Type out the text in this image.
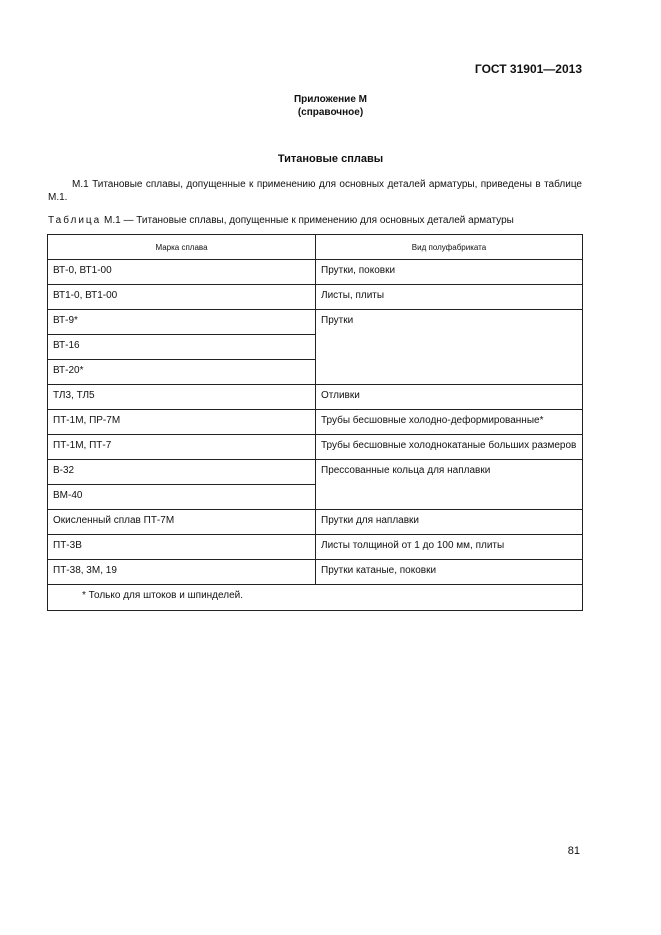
ГОСТ 31901—2013
Приложение М
(справочное)
Титановые сплавы
М.1 Титановые сплавы, допущенные к применению для основных деталей арматуры, приведены в таблице М.1.
Таблица М.1 — Титановые сплавы, допущенные к применению для основных деталей арматуры
Марка сплава	Вид полуфабриката
ВТ-0, ВТ1-00	Прутки, поковки
ВТ1-0, ВТ1-00	Листы, плиты
ВТ-9*	Прутки
ВТ-16	
ВТ-20*	
ТЛ3, ТЛ5	Отливки
ПТ-1М, ПР-7М	Трубы бесшовные холодно-деформированные*
ПТ-1М, ПТ-7	Трубы бесшовные холоднокатаные больших размеров
В-32	Прессованные кольца для наплавки
ВМ-40	
Окисленный сплав ПТ-7М	Прутки для наплавки
ПТ-3В	Листы толщиной от 1 до 100 мм, плиты
ПТ-38, 3М, 19	Прутки катаные, поковки
* Только для штоков и шпинделей.	
81
